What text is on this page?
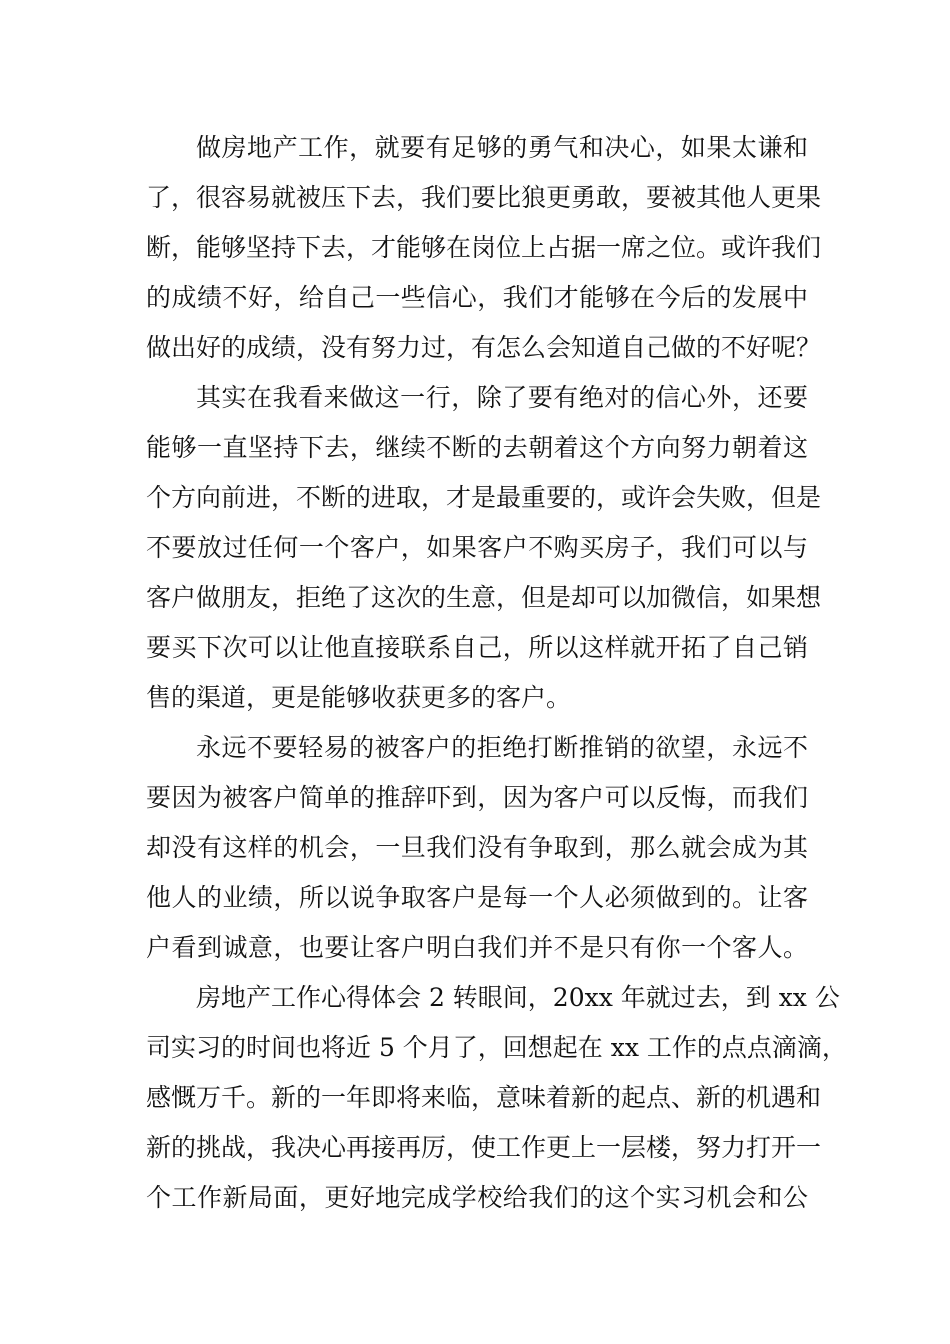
做房地产工作，就要有足够的勇气和决心，如果太谦和
了，很容易就被压下去，我们要比狼更勇敢，要被其他人更果
断，能够坚持下去，才能够在岗位上占据一席之位。或许我们
的成绩不好，给自己一些信心，我们才能够在今后的发展中
做出好的成绩，没有努力过，有怎么会知道自己做的不好呢？
其实在我看来做这一行，除了要有绝对的信心外，还要
能够一直坚持下去，继续不断的去朝着这个方向努力朝着这
个方向前进，不断的进取，才是最重要的，或许会失败，但是
不要放过任何一个客户，如果客户不购买房子，我们可以与
客户做朋友，拒绝了这次的生意，但是却可以加微信，如果想
要买下次可以让他直接联系自己，所以这样就开拓了自己销
售的渠道，更是能够收获更多的客户。
永远不要轻易的被客户的拒绝打断推销的欲望，永远不
要因为被客户简单的推辞吓到，因为客户可以反悔，而我们
却没有这样的机会，一旦我们没有争取到，那么就会成为其
他人的业绩，所以说争取客户是每一个人必须做到的。让客
户看到诚意，也要让客户明白我们并不是只有你一个客人。
房地产工作心得体会 2 转眼间，20xx 年就过去，到 xx 公
司实习的时间也将近 5 个月了，回想起在 xx 工作的点点滴滴，
感慨万千。新的一年即将来临，意味着新的起点、新的机遇和
新的挑战，我决心再接再厉，使工作更上一层楼，努力打开一
个工作新局面，更好地完成学校给我们的这个实习机会和公
